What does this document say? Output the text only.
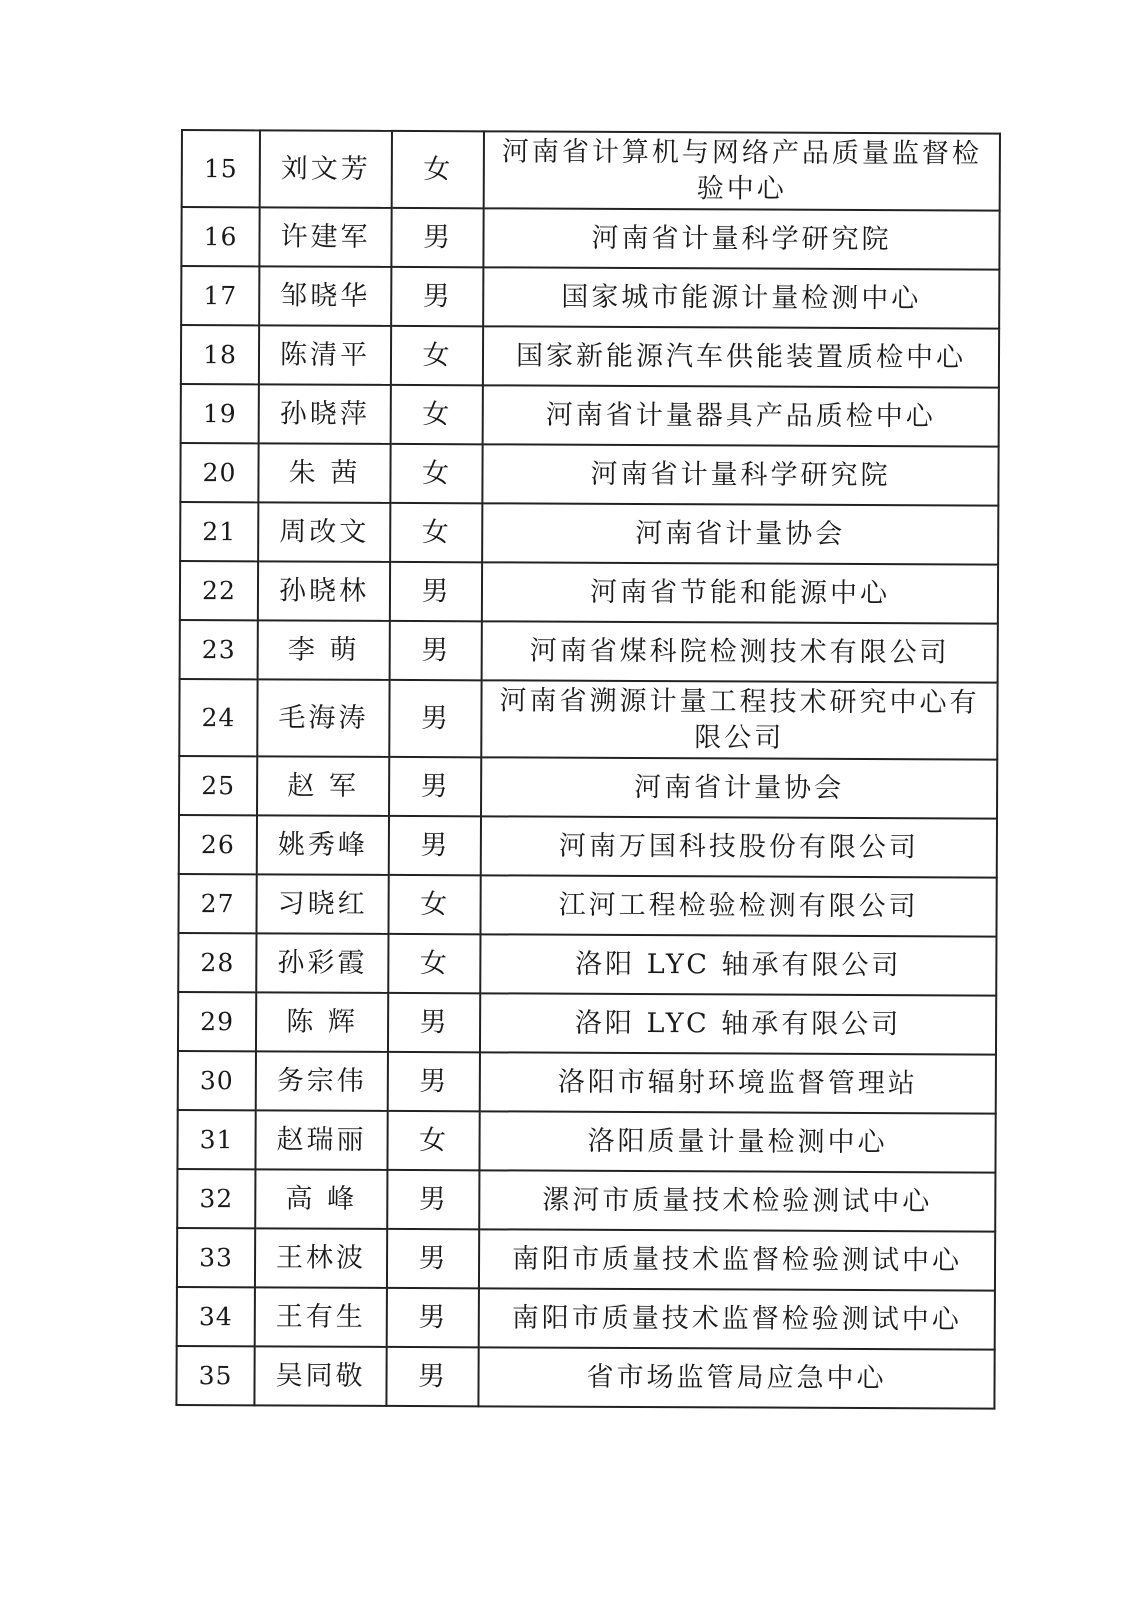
15	刘文芳	女	河南省计算机与网络产品质量监督检验中心
16	许建军	男	河南省计量科学研究院
17	邹晓华	男	国家城市能源计量检测中心
18	陈清平	女	国家新能源汽车供能装置质检中心
19	孙晓萍	女	河南省计量器具产品质检中心
20	朱 茜	女	河南省计量科学研究院
21	周改文	女	河南省计量协会
22	孙晓林	男	河南省节能和能源中心
23	李 萌	男	河南省煤科院检测技术有限公司
24	毛海涛	男	河南省溯源计量工程技术研究中心有限公司
25	赵 军	男	河南省计量协会
26	姚秀峰	男	河南万国科技股份有限公司
27	习晓红	女	江河工程检验检测有限公司
28	孙彩霞	女	洛阳 LYC 轴承有限公司
29	陈 辉	男	洛阳 LYC 轴承有限公司
30	务宗伟	男	洛阳市辐射环境监督管理站
31	赵瑞丽	女	洛阳质量计量检测中心
32	高 峰	男	漯河市质量技术检验测试中心
33	王林波	男	南阳市质量技术监督检验测试中心
34	王有生	男	南阳市质量技术监督检验测试中心
35	吴同敬	男	省市场监管局应急中心
